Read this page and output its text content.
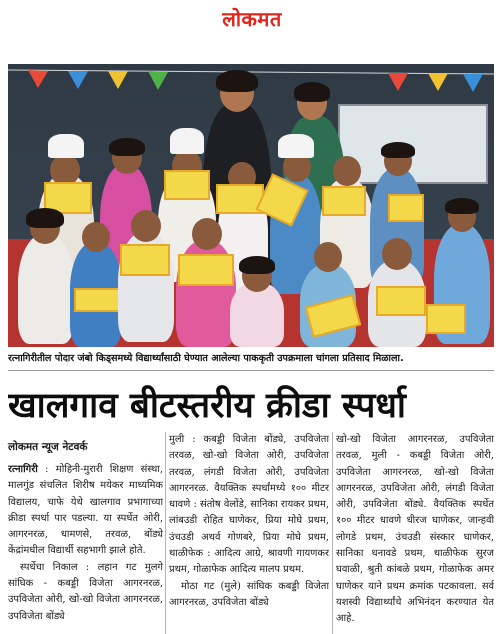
लोकमत
रत्नागिरीतील पोदार जंबो किड्समध्ये विद्यार्थ्यांसाठी घेण्यात आलेल्या पाककृती उपक्रमाला चांगला प्रतिसाद मिळाला.
खालगाव बीटस्तरीय क्रीडा स्पर्धा
लोकमत न्यूज नेटवर्क

रत्नागिरी : मोहिनी-मुरारी शिक्षण संस्था, मालगुंड संचलित शिरीष मयेकर माध्यमिक विद्यालय, चाफे येथे खालगाव प्रभागाच्या क्रीडा स्पर्धा पार पडल्या. या स्पर्धेत ओरी, आगरनरळ, धामणसे, तरवळ, बोंड्ये केंद्रांमधील विद्यार्थी सहभागी झाले होते.

स्पर्धेचा निकाल : लहान गट मुलगे सांघिक - कबड्डी विजेता आगरनरळ, उपविजेता ओरी, खो-खो विजेता आगरनरळ, उपविजेता बोंड्ये

मुली : कबड्डी विजेता बोंड्ये, उपविजेता तरवळ, खो-खो विजेता ओरी, उपविजेता तरवळ, लंगडी विजेता ओरी, उपविजेता आगरनरळ. वैयक्तिक स्पर्धांमध्ये १०० मीटर धावणे : संतोष वेलोंडे, सानिका रायकर प्रथम, लांबउडी रोहित घाणेकर, प्रिया मोघे प्रथम, उंचउडी अथर्व गोणबरे, प्रिया मोघे प्रथम, थाळीफेक : आदित्य आग्रे, श्रावणी गायणकर प्रथम, गोळाफेक आदित्य मालप प्रथम.

मोठा गट (मुले) सांघिक कबड्डी विजेता आगरनरळ, उपविजेता बोंड्ये

खो-खो विजेता आगरनरळ, उपविजेता तरवळ, मुली - कबड्डी विजेता ओरी, उपविजेता आगरनरळ, खो-खो विजेता आगरनरळ, उपविजेता ओरी, लंगडी विजेता ओरी, उपविजेता बोंड्ये. वैयक्तिक स्पर्धेत १०० मीटर धावणे धीरज घाणेकर, जान्हवी लोगडे प्रथम, उंचउडी संस्कार घाणेकर, सानिका धनावडे प्रथम, थाळीफेक सुरज घवाळी, श्रुती कांबळे प्रथम, गोळाफेक अमर घाणेकर याने प्रथम क्रमांक पटकावला. सर्व यशस्वी विद्यार्थ्यांचे अभिनंदन करण्यात येत आहे.
